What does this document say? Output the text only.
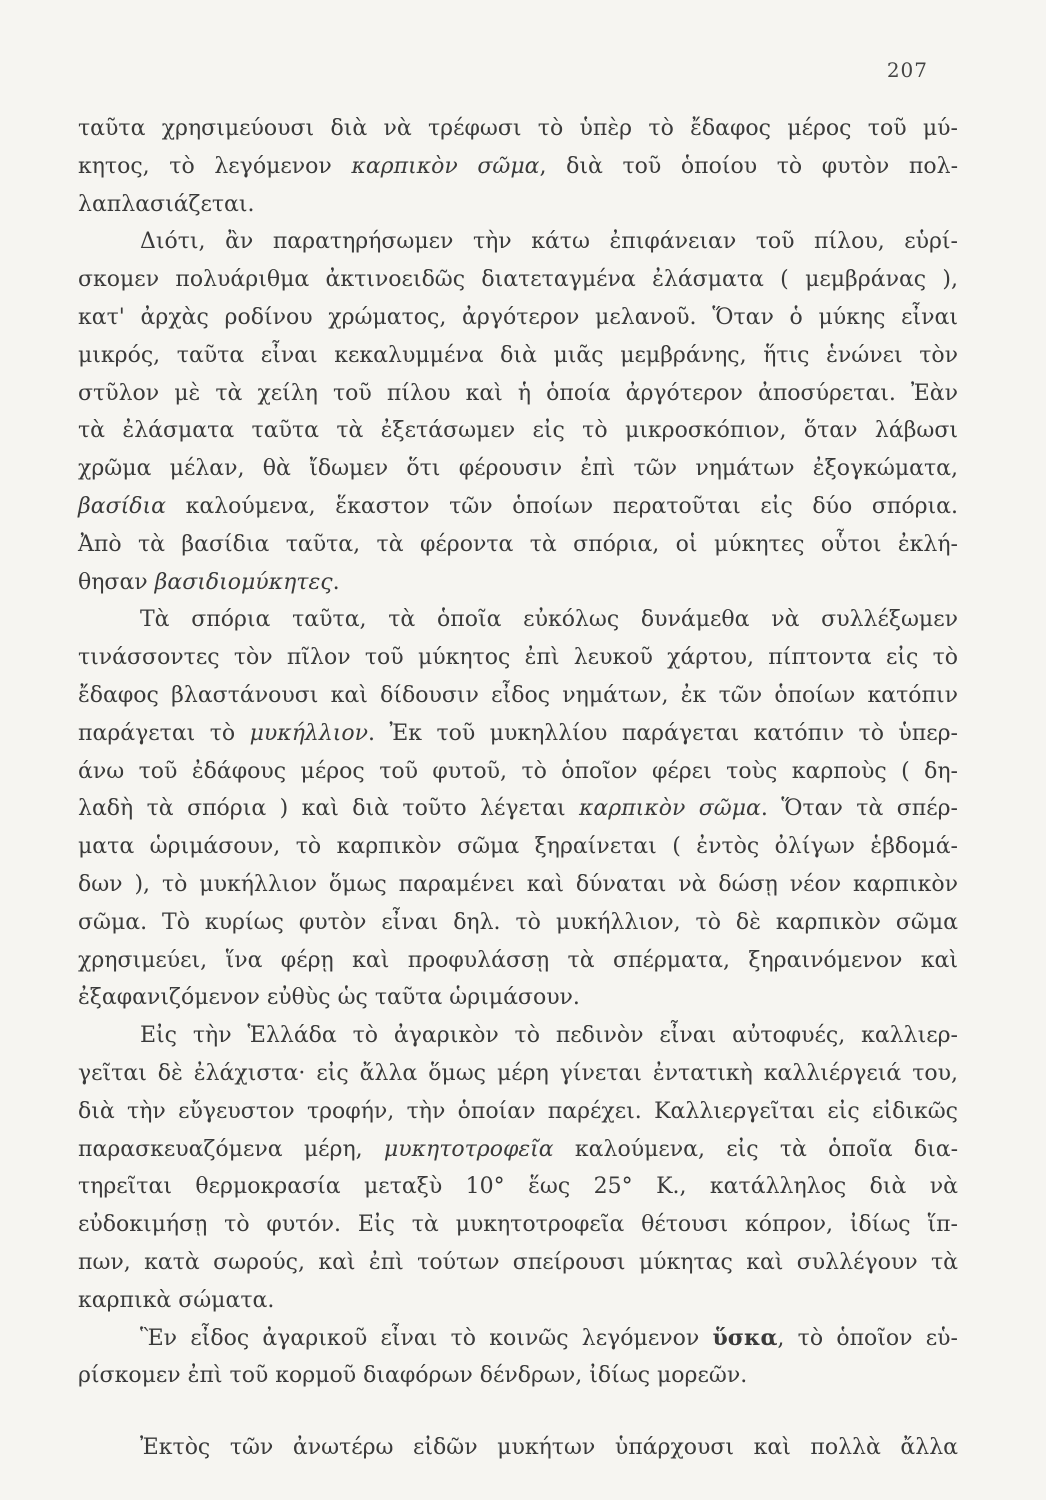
207
ταῦτα χρησιμεύουσι διὰ νὰ τρέφωσι τὸ ὑπὲρ τὸ ἔδαφος μέρος τοῦ μύ-
κητος, τὸ λεγόμενον καρπικὸν σῶμα, διὰ τοῦ ὁποίου τὸ φυτὸν πολ-
λαπλασιάζεται.
Διότι, ἂν παρατηρήσωμεν τὴν κάτω ἐπιφάνειαν τοῦ πίλου, εὑρί-
σκομεν πολυάριθμα ἀκτινοειδῶς διατεταγμένα ἐλάσματα ( μεμβράνας ),
κατ' ἀρχὰς ροδίνου χρώματος, ἀργότερον μελανοῦ. Ὅταν ὁ μύκης εἶναι
μικρός, ταῦτα εἶναι κεκαλυμμένα διὰ μιᾶς μεμβράνης, ἥτις ἑνώνει τὸν
στῦλον μὲ τὰ χείλη τοῦ πίλου καὶ ἡ ὁποία ἀργότερον ἀποσύρεται. Ἐὰν
τὰ ἐλάσματα ταῦτα τὰ ἐξετάσωμεν εἰς τὸ μικροσκόπιον, ὅταν λάβωσι
χρῶμα μέλαν, θὰ ἴδωμεν ὅτι φέρουσιν ἐπὶ τῶν νημάτων ἐξογκώματα,
βασίδια καλούμενα, ἕκαστον τῶν ὁποίων περατοῦται εἰς δύο σπόρια.
Ἀπὸ τὰ βασίδια ταῦτα, τὰ φέροντα τὰ σπόρια, οἱ μύκητες οὗτοι ἐκλή-
θησαν βασιδιομύκητες.
Τὰ σπόρια ταῦτα, τὰ ὁποῖα εὐκόλως δυνάμεθα νὰ συλλέξωμεν
τινάσσοντες τὸν πῖλον τοῦ μύκητος ἐπὶ λευκοῦ χάρτου, πίπτοντα εἰς τὸ
ἔδαφος βλαστάνουσι καὶ δίδουσιν εἶδος νημάτων, ἐκ τῶν ὁποίων κατόπιν
παράγεται τὸ μυκήλλιον. Ἐκ τοῦ μυκηλλίου παράγεται κατόπιν τὸ ὑπερ-
άνω τοῦ ἐδάφους μέρος τοῦ φυτοῦ, τὸ ὁποῖον φέρει τοὺς καρποὺς ( δη-
λαδὴ τὰ σπόρια ) καὶ διὰ τοῦτο λέγεται καρπικὸν σῶμα. Ὅταν τὰ σπέρ-
ματα ὡριμάσουν, τὸ καρπικὸν σῶμα ξηραίνεται ( ἐντὸς ὀλίγων ἑβδομά-
δων ), τὸ μυκήλλιον ὅμως παραμένει καὶ δύναται νὰ δώσῃ νέον καρπικὸν
σῶμα. Τὸ κυρίως φυτὸν εἶναι δηλ. τὸ μυκήλλιον, τὸ δὲ καρπικὸν σῶμα
χρησιμεύει, ἵνα φέρῃ καὶ προφυλάσσῃ τὰ σπέρματα, ξηραινόμενον καὶ
ἐξαφανιζόμενον εὐθὺς ὡς ταῦτα ὡριμάσουν.
Εἰς τὴν Ἑλλάδα τὸ ἀγαρικὸν τὸ πεδινὸν εἶναι αὐτοφυές, καλλιερ-
γεῖται δὲ ἐλάχιστα· εἰς ἄλλα ὅμως μέρη γίνεται ἐντατικὴ καλλιέργειά του,
διὰ τὴν εὔγευστον τροφήν, τὴν ὁποίαν παρέχει. Καλλιεργεῖται εἰς εἰδικῶς
παρασκευαζόμενα μέρη, μυκητοτροφεῖα καλούμενα, εἰς τὰ ὁποῖα δια-
τηρεῖται θερμοκρασία μεταξὺ 10° ἕως 25° Κ., κατάλληλος διὰ νὰ
εὐδοκιμήσῃ τὸ φυτόν. Εἰς τὰ μυκητοτροφεῖα θέτουσι κόπρον, ἰδίως ἵπ-
πων, κατὰ σωρούς, καὶ ἐπὶ τούτων σπείρουσι μύκητας καὶ συλλέγουν τὰ
καρπικὰ σώματα.
Ἓν εἶδος ἀγαρικοῦ εἶναι τὸ κοινῶς λεγόμενον ὕσκα, τὸ ὁποῖον εὑ-
ρίσκομεν ἐπὶ τοῦ κορμοῦ διαφόρων δένδρων, ἰδίως μορεῶν.
Ἐκτὸς τῶν ἀνωτέρω εἰδῶν μυκήτων ὑπάρχουσι καὶ πολλὰ ἄλλα
